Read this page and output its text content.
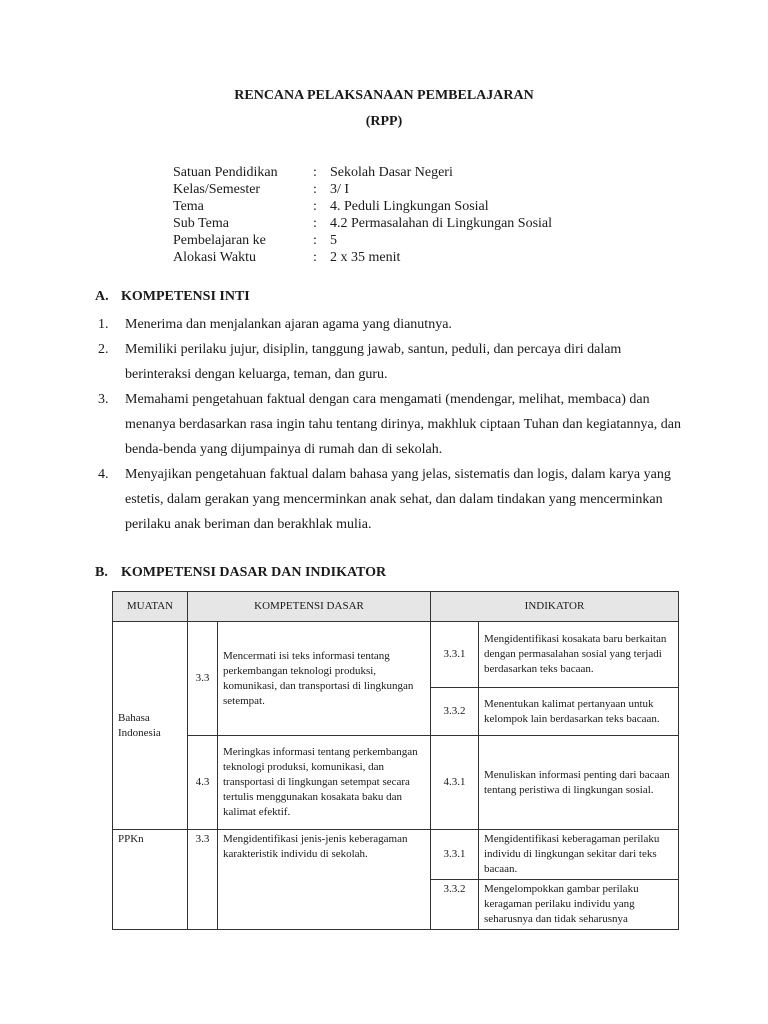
RENCANA PELAKSANAAN PEMBELAJARAN
(RPP)
Satuan Pendidikan	: Sekolah Dasar Negeri
Kelas/Semester	: 3/ I
Tema	: 4. Peduli Lingkungan Sosial
Sub Tema	: 4.2 Permasalahan di Lingkungan Sosial
Pembelajaran ke	: 5
Alokasi Waktu	: 2 x 35 menit
A. KOMPETENSI INTI
1.	Menerima dan menjalankan ajaran agama yang dianutnya.
2.	Memiliki perilaku jujur, disiplin, tanggung jawab, santun, peduli, dan percaya diri dalam berinteraksi dengan keluarga, teman, dan guru.
3.	Memahami pengetahuan faktual dengan cara mengamati (mendengar, melihat, membaca) dan menanya berdasarkan rasa ingin tahu tentang dirinya, makhluk ciptaan Tuhan dan kegiatannya, dan benda-benda yang dijumpainya di rumah dan di sekolah.
4.	Menyajikan pengetahuan faktual dalam bahasa yang jelas, sistematis dan logis, dalam karya yang estetis, dalam gerakan yang mencerminkan anak sehat, dan dalam tindakan yang mencerminkan perilaku anak beriman dan berakhlak mulia.
B. KOMPETENSI DASAR DAN INDIKATOR
MUATAN	KOMPETENSI DASAR		INDIKATOR	
Bahasa Indonesia	3.3	Mencermati isi teks informasi tentang perkembangan teknologi produksi, komunikasi, dan transportasi di lingkungan setempat.	3.3.1	Mengidentifikasi kosakata baru berkaitan dengan permasalahan sosial yang terjadi berdasarkan teks bacaan.
			3.3.2	Menentukan kalimat pertanyaan untuk kelompok lain berdasarkan teks bacaan.
	4.3	Meringkas informasi tentang perkembangan teknologi produksi, komunikasi, dan transportasi di lingkungan setempat secara tertulis menggunakan kosakata baku dan kalimat efektif.	4.3.1	Menuliskan informasi penting dari bacaan tentang peristiwa di lingkungan sosial.
PPKn	3.3	Mengidentifikasi jenis-jenis keberagaman karakteristik individu di sekolah.	3.3.1	Mengidentifikasi keberagaman perilaku individu di lingkungan sekitar dari teks bacaan.
			3.3.2	Mengelompokkan gambar perilaku keragaman perilaku individu yang seharusnya dan tidak seharusnya
